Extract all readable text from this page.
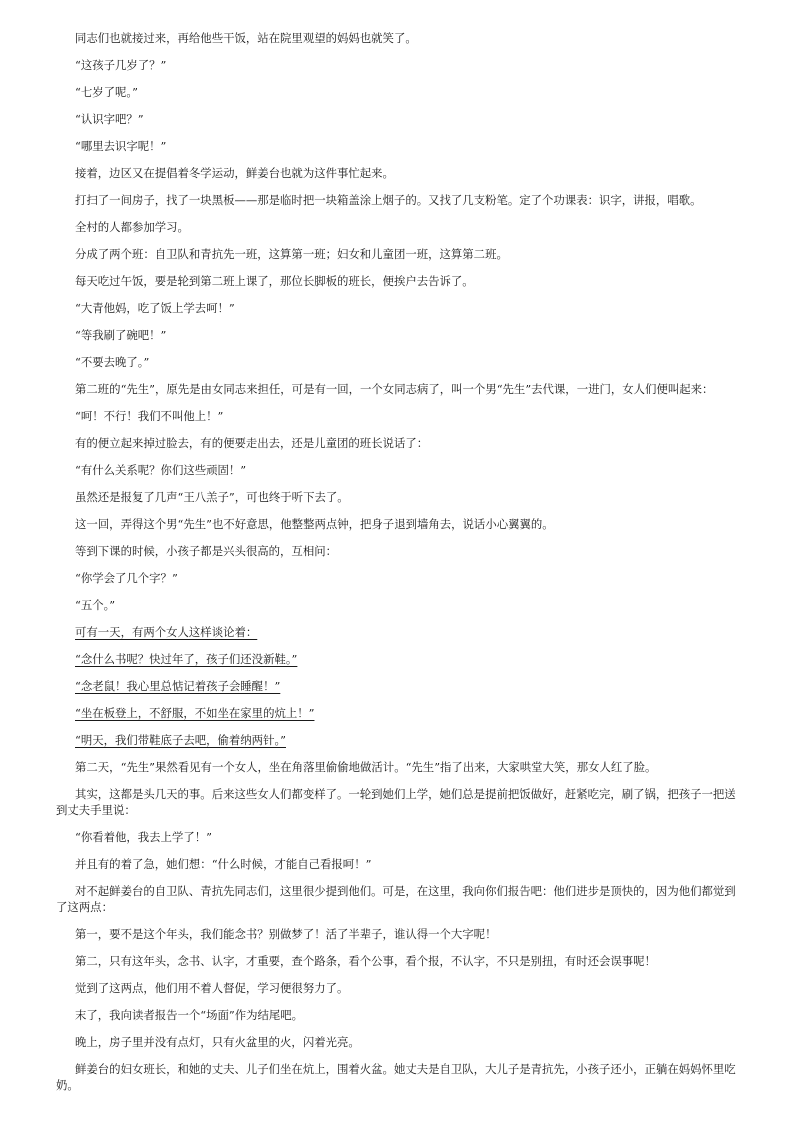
同志们也就接过来，再给他些干饭，站在院里观望的妈妈也就笑了。

“这孩子几岁了？”

“七岁了呢。”

“认识字吧？”

“哪里去识字呢！”

接着，边区又在提倡着冬学运动，鲜姜台也就为这件事忙起来。

打扫了一间房子，找了一块黑板——那是临时把一块箱盖涂上烟子的。又找了几支粉笔。定了个功课表：识字，讲报，唱歌。

全村的人都参加学习。

分成了两个班：自卫队和青抗先一班，这算第一班；妇女和儿童团一班，这算第二班。

每天吃过午饭，要是轮到第二班上课了，那位长脚板的班长，便挨户去告诉了。

“大青他妈，吃了饭上学去呵！”

“等我刷了碗吧！”

“不要去晚了。”

第二班的“先生”，原先是由女同志来担任，可是有一回，一个女同志病了，叫一个男“先生”去代课，一进门，女人们便叫起来：

“呵！不行！我们不叫他上！”

有的便立起来掉过脸去，有的便要走出去，还是儿童团的班长说话了：

“有什么关系呢？你们这些顽固！”

虽然还是报复了几声“王八羔子”，可也终于听下去了。

这一回，弄得这个男“先生”也不好意思，他整整两点钟，把身子退到墙角去，说话小心翼翼的。

等到下课的时候，小孩子都是兴头很高的，互相问：

“你学会了几个字？”

“五个。”

可有一天，有两个女人这样谈论着：

“念什么书呢？快过年了，孩子们还没新鞋。”

“念老鼠！我心里总惦记着孩子会睡醒！”

“坐在板登上，不舒服，不如坐在家里的炕上！”

“明天，我们带鞋底子去吧，偷着纳两针。”

第二天，“先生”果然看见有一个女人，坐在角落里偷偷地做活计。“先生”指了出来，大家哄堂大笑，那女人红了脸。

其实，这都是头几天的事。后来这些女人们都变样了。一轮到她们上学，她们总是提前把饭做好，赶紧吃完，刷了锅，把孩子一把送到丈夫手里说：

“你看着他，我去上学了！”

并且有的着了急，她们想：“什么时候，才能自己看报呵！”

对不起鲜姜台的自卫队、青抗先同志们，这里很少提到他们。可是，在这里，我向你们报告吧：他们进步是顶快的，因为他们都觉到了这两点：

第一，要不是这个年头，我们能念书？别做梦了！活了半辈子，谁认得一个大字呢！

第二，只有这年头，念书、认字，才重要，查个路条，看个公事，看个报，不认字，不只是别扭，有时还会误事呢！

觉到了这两点，他们用不着人督促，学习便很努力了。

末了，我向读者报告一个“场面”作为结尾吧。

晚上，房子里并没有点灯，只有火盆里的火，闪着光亮。

鲜姜台的妇女班长，和她的丈夫、儿子们坐在炕上，围着火盆。她丈夫是自卫队，大儿子是青抗先，小孩子还小，正躺在妈妈怀里吃奶。
